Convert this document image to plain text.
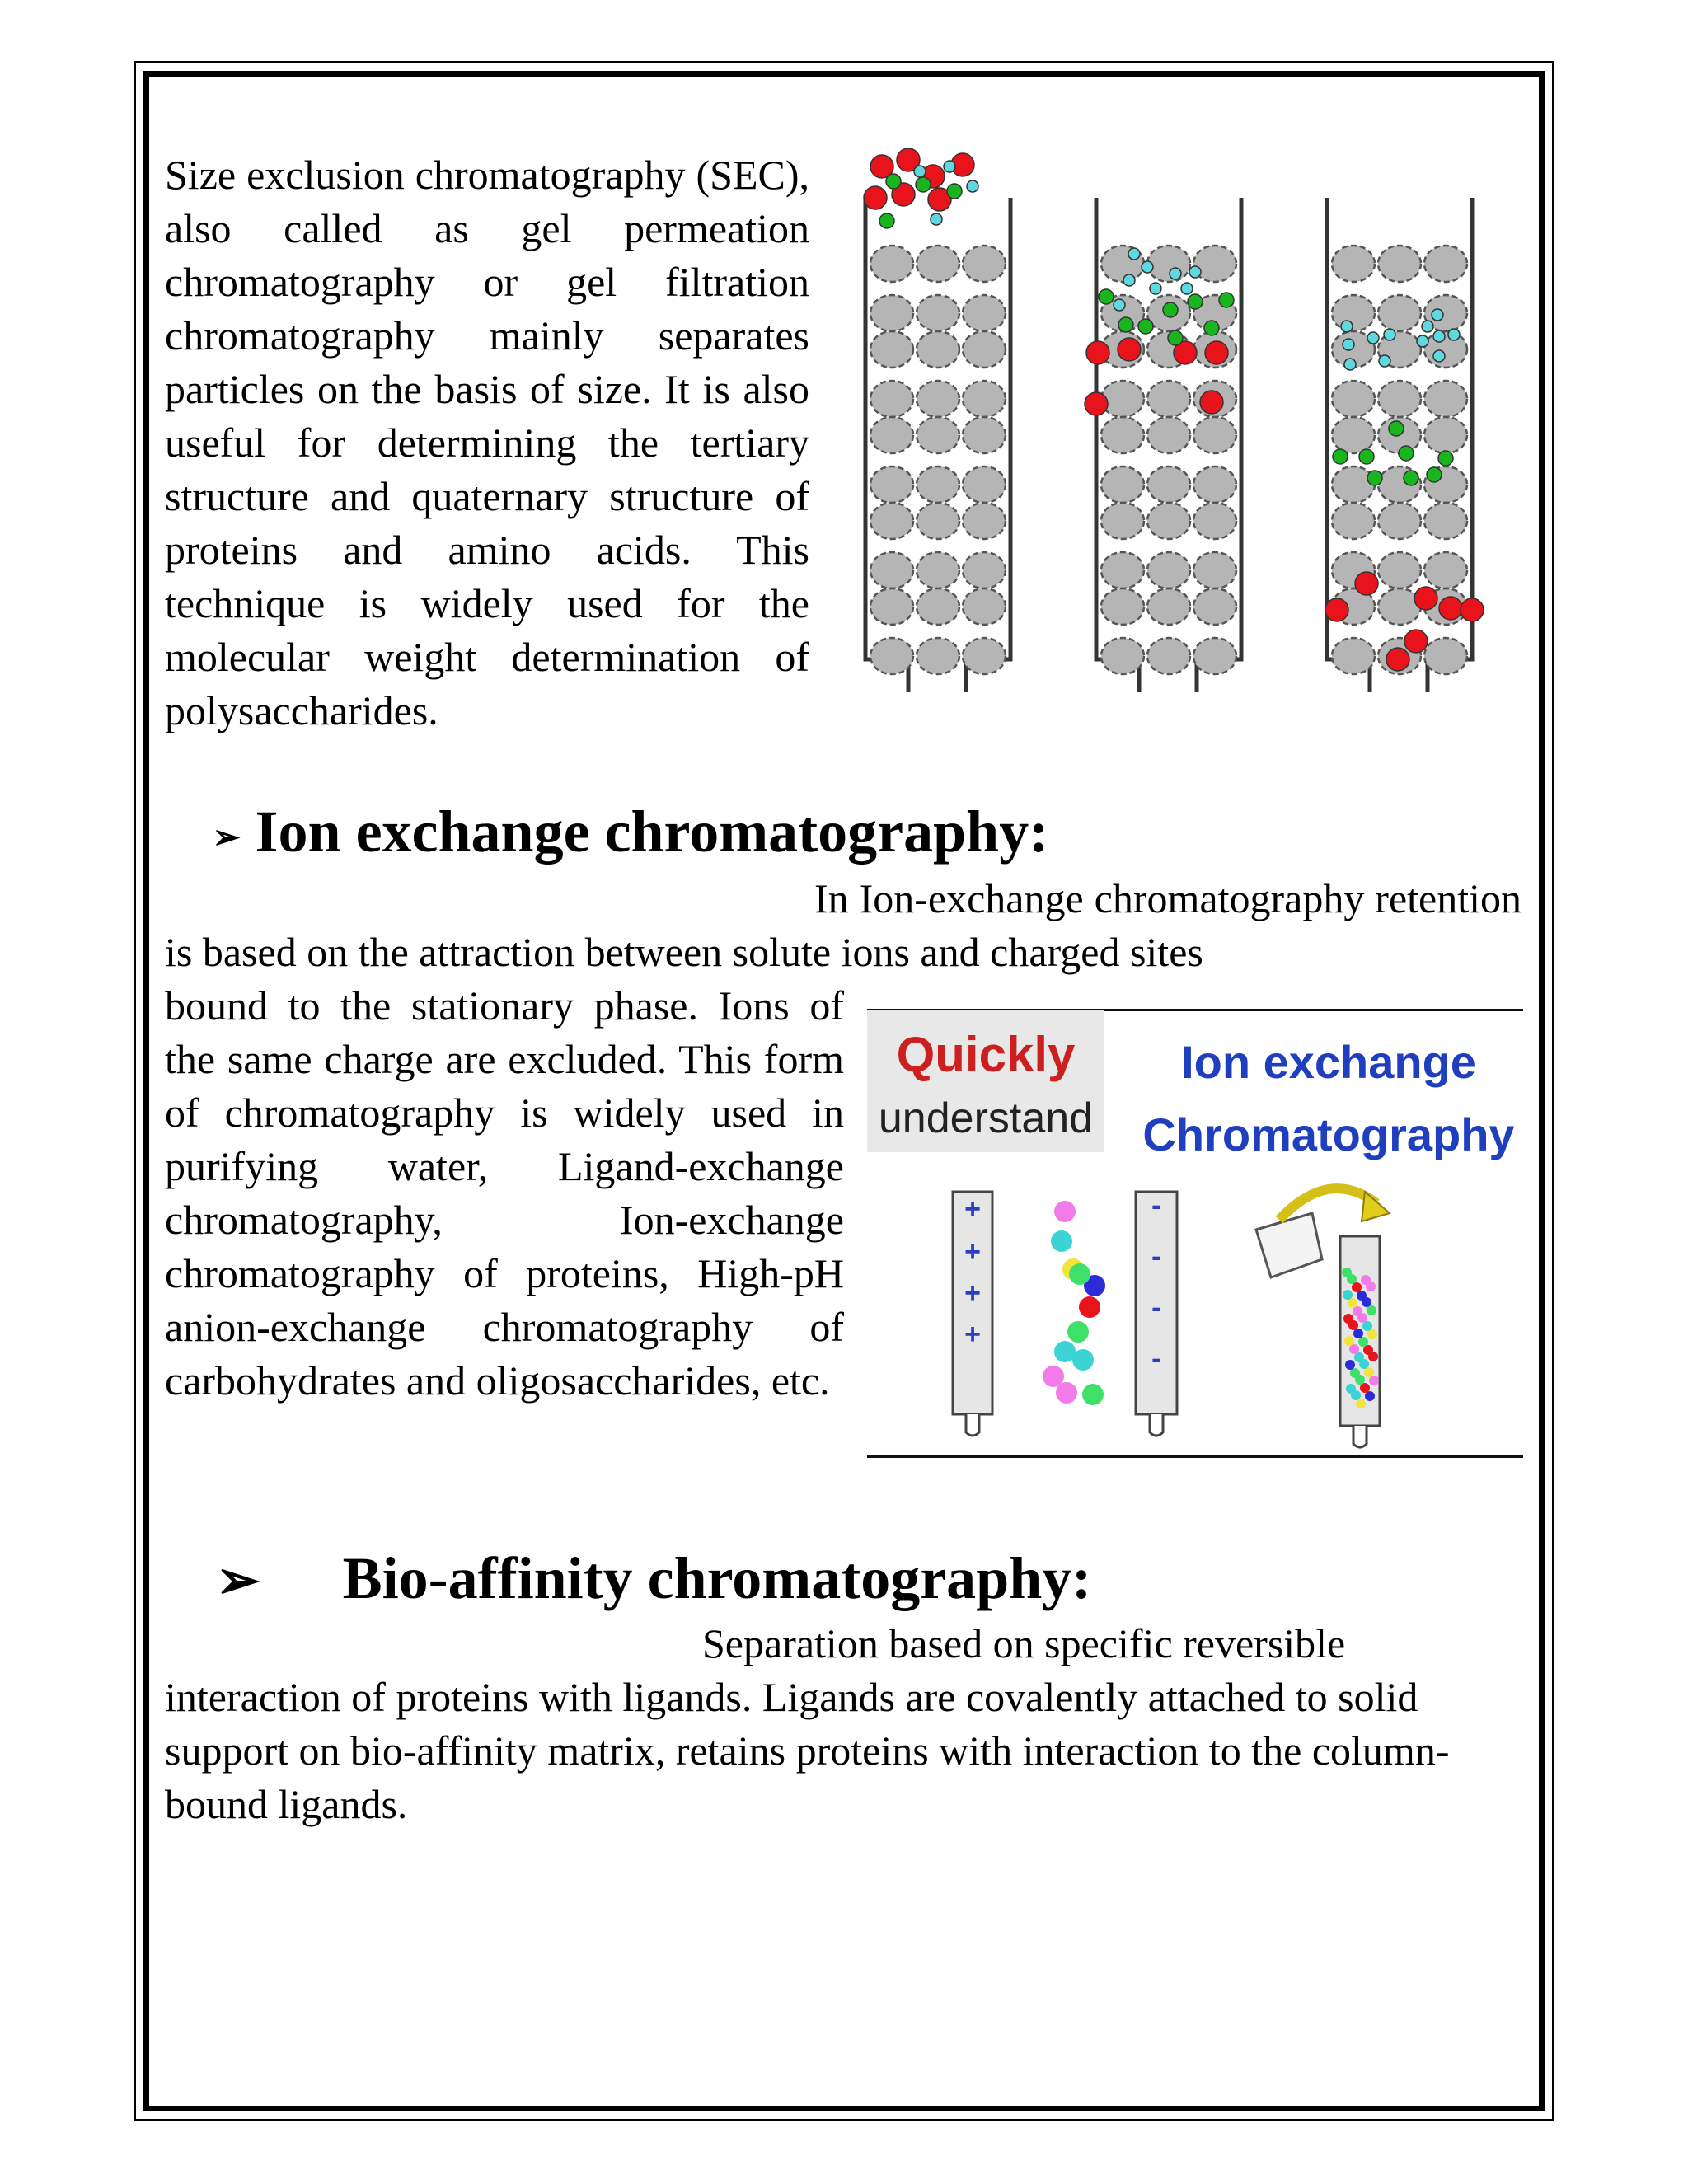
Size exclusion chromatography (SEC), also called as gel permeation chromatography or gel filtration chromatography mainly separates particles on the basis of size. It is also useful for determining the tertiary structure and quaternary structure of proteins and amino acids. This technique is widely used for the molecular weight determination of polysaccharides.

➢ Ion exchange chromatography:

In Ion-exchange chromatography retention is based on the attraction between solute ions and charged sites

bound to the stationary phase. Ions of the same charge are excluded. This form of chromatography is widely used in purifying water, Ligand-exchange chromatography, Ion-exchange chromatography of proteins, High-pH anion-exchange chromatography of carbohydrates and oligosaccharides, etc.

Quickly
understand
Ion exchange
Chromatography
+
+
+
+
-
-
-
-
➢ Bio-affinity chromatography:

Separation based on specific reversible interaction of proteins with ligands. Ligands are covalently attached to solid support on bio-affinity matrix, retains proteins with interaction to the column-bound ligands.
